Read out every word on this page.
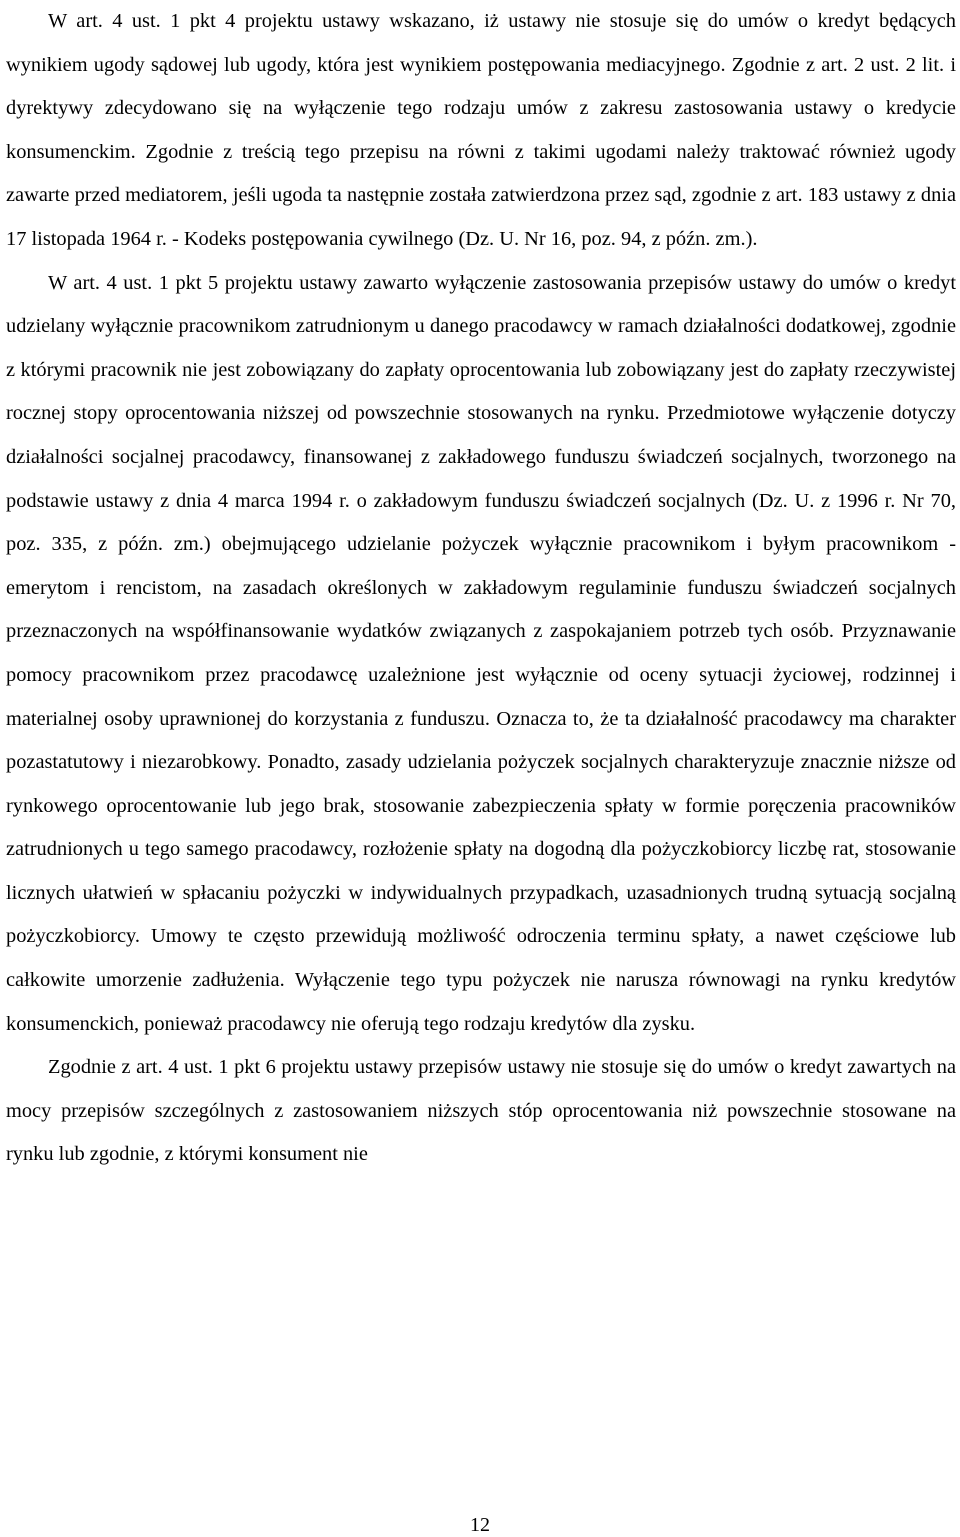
W art. 4 ust. 1 pkt 4 projektu ustawy wskazano, iż ustawy nie stosuje się do umów o kredyt będących wynikiem ugody sądowej lub ugody, która jest wynikiem postępowania mediacyjnego. Zgodnie z art. 2 ust. 2 lit. i dyrektywy zdecydowano się na wyłączenie tego rodzaju umów z zakresu zastosowania ustawy o kredycie konsumenckim. Zgodnie z treścią tego przepisu na równi z takimi ugodami należy traktować również ugody zawarte przed mediatorem, jeśli ugoda ta następnie została zatwierdzona przez sąd, zgodnie z art. 183 ustawy z dnia 17 listopada 1964 r. - Kodeks postępowania cywilnego (Dz. U. Nr 16, poz. 94, z późn. zm.).

W art. 4 ust. 1 pkt 5 projektu ustawy zawarto wyłączenie zastosowania przepisów ustawy do umów o kredyt udzielany wyłącznie pracownikom zatrudnionym u danego pracodawcy w ramach działalności dodatkowej, zgodnie z którymi pracownik nie jest zobowiązany do zapłaty oprocentowania lub zobowiązany jest do zapłaty rzeczywistej rocznej stopy oprocentowania niższej od powszechnie stosowanych na rynku. Przedmiotowe wyłączenie dotyczy działalności socjalnej pracodawcy, finansowanej z zakładowego funduszu świadczeń socjalnych, tworzonego na podstawie ustawy z dnia 4 marca 1994 r. o zakładowym funduszu świadczeń socjalnych (Dz. U. z 1996 r. Nr 70, poz. 335, z późn. zm.) obejmującego udzielanie pożyczek wyłącznie pracownikom i byłym pracownikom - emerytom i rencistom, na zasadach określonych w zakładowym regulaminie funduszu świadczeń socjalnych przeznaczonych na współfinansowanie wydatków związanych z zaspokajaniem potrzeb tych osób. Przyznawanie pomocy pracownikom przez pracodawcę uzależnione jest wyłącznie od oceny sytuacji życiowej, rodzinnej i materialnej osoby uprawnionej do korzystania z funduszu. Oznacza to, że ta działalność pracodawcy ma charakter pozastatutowy i niezarobkowy. Ponadto, zasady udzielania pożyczek socjalnych charakteryzuje znacznie niższe od rynkowego oprocentowanie lub jego brak, stosowanie zabezpieczenia spłaty w formie poręczenia pracowników zatrudnionych u tego samego pracodawcy, rozłożenie spłaty na dogodną dla pożyczkobiorcy liczbę rat, stosowanie licznych ułatwień w spłacaniu pożyczki w indywidualnych przypadkach, uzasadnionych trudną sytuacją socjalną pożyczkobiorcy. Umowy te często przewidują możliwość odroczenia terminu spłaty, a nawet częściowe lub całkowite umorzenie zadłużenia. Wyłączenie tego typu pożyczek nie narusza równowagi na rynku kredytów konsumenckich, ponieważ pracodawcy nie oferują tego rodzaju kredytów dla zysku.

Zgodnie z art. 4 ust. 1 pkt 6 projektu ustawy przepisów ustawy nie stosuje się do umów o kredyt zawartych na mocy przepisów szczególnych z zastosowaniem niższych stóp oprocentowania niż powszechnie stosowane na rynku lub zgodnie, z którymi konsument nie

12
